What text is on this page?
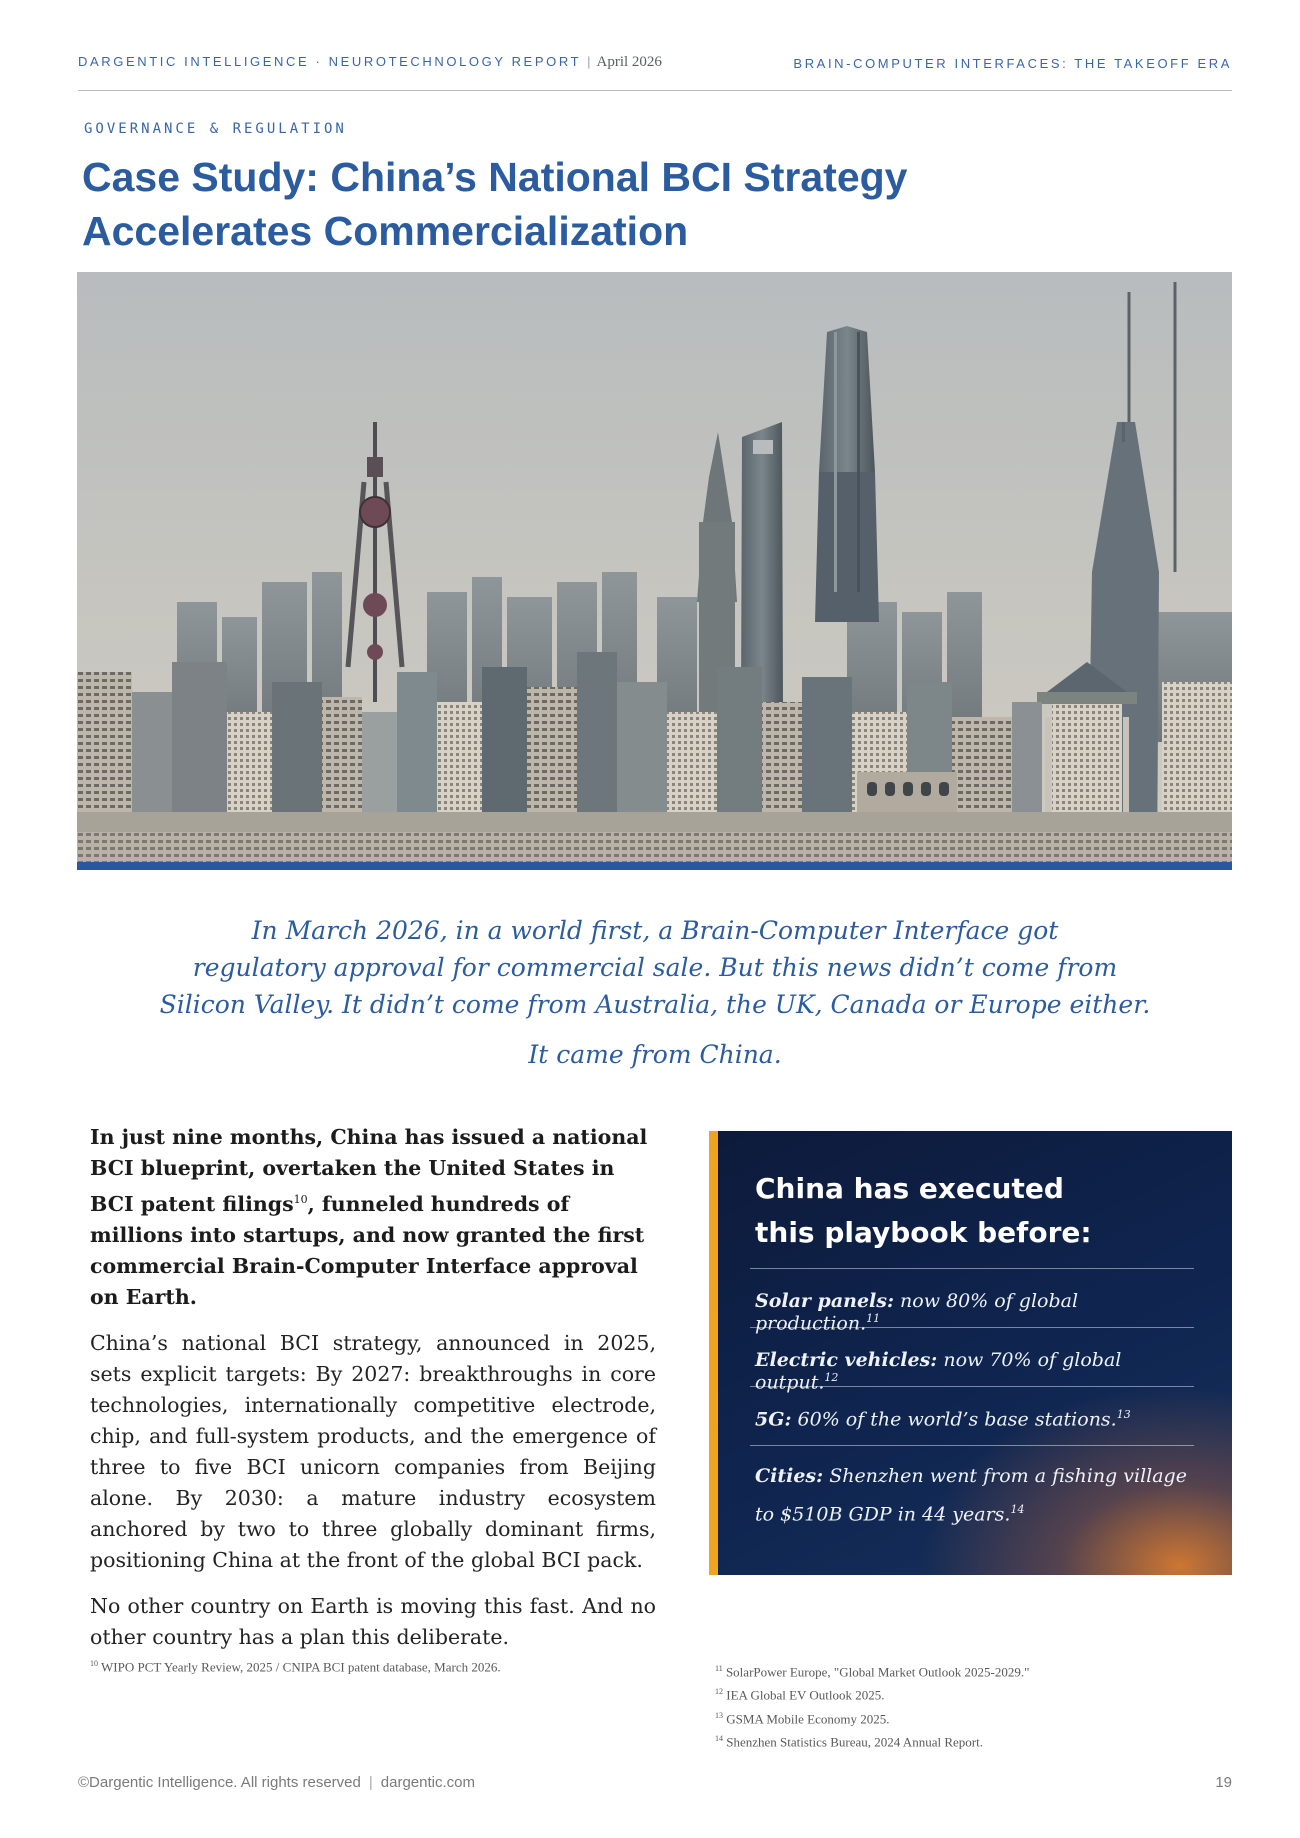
DARGENTIC INTELLIGENCE · NEUROTECHNOLOGY REPORT | April 2026	BRAIN-COMPUTER INTERFACES: THE TAKEOFF ERA
GOVERNANCE & REGULATION
Case Study: China’s National BCI Strategy
Accelerates Commercialization

In March 2026, in a world first, a Brain-Computer Interface got
regulatory approval for commercial sale. But this news didn’t come from
Silicon Valley. It didn’t come from Australia, the UK, Canada or Europe either.

It came from China.

In just nine months, China has issued a national BCI blueprint, overtaken the United States in BCI patent filings$^{10}$, funneled hundreds of millions into startups, and now granted the first commercial Brain-Computer Interface approval on Earth.

China’s national BCI strategy, announced in 2025, sets explicit targets: By 2027: breakthroughs in core technologies, internationally competitive electrode, chip, and full-system products, and the emergence of three to five BCI unicorn companies from Beijing alone. By 2030: a mature industry ecosystem anchored by two to three globally dominant firms, positioning China at the front of the global BCI pack.

No other country on Earth is moving this fast. And no other country has a plan this deliberate.

China has executed
this playbook before:
Solar panels: now 80% of global production.$^{11}$
Electric vehicles: now 70% of global output.$^{12}$
5G: 60% of the world’s base stations.$^{13}$
Cities: Shenzhen went from a fishing village
to $510B GDP in 44 years.$^{14}$
$^{10}$ WIPO PCT Yearly Review, 2025 / CNIPA BCI patent database, March 2026.	$^{11}$ SolarPower Europe, "Global Market Outlook 2025-2029."
$^{12}$ IEA Global EV Outlook 2025.
$^{13}$ GSMA Mobile Economy 2025.
$^{14}$ Shenzhen Statistics Bureau, 2024 Annual Report.
©Dargentic Intelligence. All rights reserved | dargentic.com	19
